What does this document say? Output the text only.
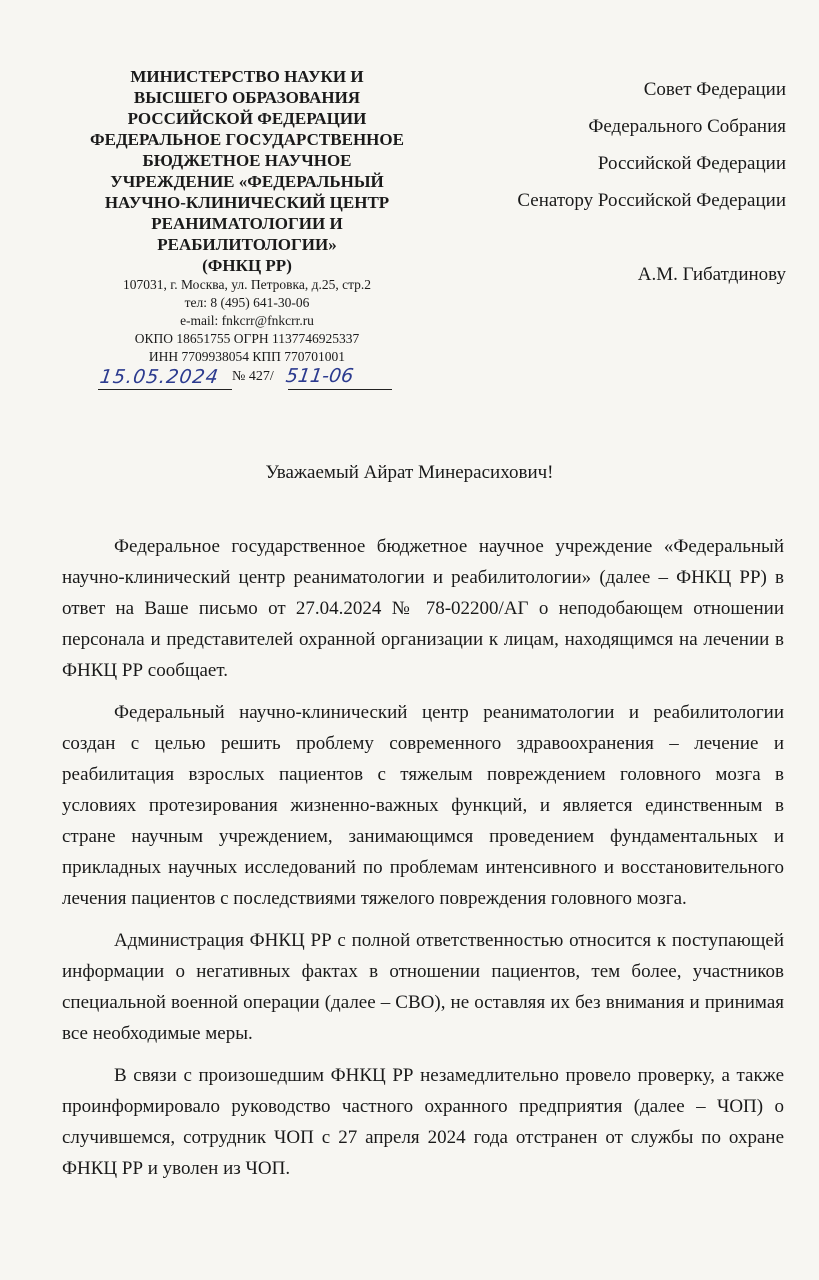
МИНИСТЕРСТВО НАУКИ И

ВЫСШЕГО ОБРАЗОВАНИЯ

РОССИЙСКОЙ ФЕДЕРАЦИИ

ФЕДЕРАЛЬНОЕ ГОСУДАРСТВЕННОЕ

БЮДЖЕТНОЕ НАУЧНОЕ

УЧРЕЖДЕНИЕ «ФЕДЕРАЛЬНЫЙ

НАУЧНО-КЛИНИЧЕСКИЙ ЦЕНТР

РЕАНИМАТОЛОГИИ И

РЕАБИЛИТОЛОГИИ»

(ФНКЦ РР)

107031, г. Москва, ул. Петровка, д.25, стр.2

тел: 8 (495) 641-30-06

e-mail: fnkcrr@fnkcrr.ru

ОКПО 18651755 ОГРН 1137746925337

ИНН 7709938054 КПП 770701001

15.05.2024 № 427/ 511-06

Совет Федерации

Федерального Собрания

Российской Федерации

Сенатору Российской Федерации

А.М. Гибатдинову

Уважаемый Айрат Минерасихович!

Федеральное государственное бюджетное научное учреждение «Федеральный научно-клинический центр реаниматологии и реабилитологии» (далее – ФНКЦ РР) в ответ на Ваше письмо от 27.04.2024 № 78-02200/АГ о неподобающем отношении персонала и представителей охранной организации к лицам, находящимся на лечении в ФНКЦ РР сообщает.

Федеральный научно-клинический центр реаниматологии и реабилитологии создан с целью решить проблему современного здравоохранения – лечение и реабилитация взрослых пациентов с тяжелым повреждением головного мозга в условиях протезирования жизненно-важных функций, и является единственным в стране научным учреждением, занимающимся проведением фундаментальных и прикладных научных исследований по проблемам интенсивного и восстановительного лечения пациентов с последствиями тяжелого повреждения головного мозга.

Администрация ФНКЦ РР с полной ответственностью относится к поступающей информации о негативных фактах в отношении пациентов, тем более, участников специальной военной операции (далее – СВО), не оставляя их без внимания и принимая все необходимые меры.

В связи с произошедшим ФНКЦ РР незамедлительно провело проверку, а также проинформировало руководство частного охранного предприятия (далее – ЧОП) о случившемся, сотрудник ЧОП с 27 апреля 2024 года отстранен от службы по охране ФНКЦ РР и уволен из ЧОП.
